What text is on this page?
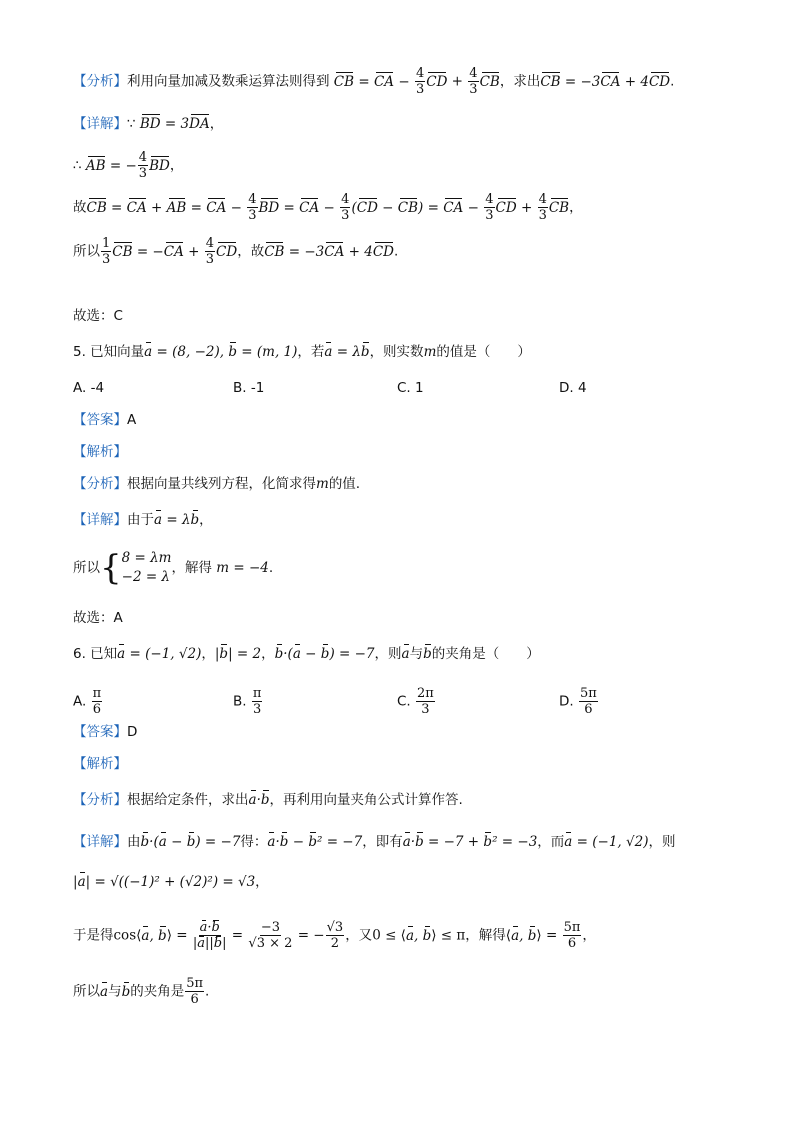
【分析】利用向量加减及数乘运算法则得到 CB = CA − $\frac{4}{3}$ CD + $\frac{4}{3}$ CB，求出CB = −3CA + 4CD.
【详解】∵ BD = 3DA，
∴ AB = − $\frac{4}{3}$ BD，
故CB = CA + AB = CA − $\frac{4}{3}$ BD = CA − $\frac{4}{3} (CD - CB)$ = CA − $\frac{4}{3}$ CD + $\frac{4}{3}$ CB，
所以 $\frac{1}{3}$ CB = $-CA + \frac{4}{3}$ CD，故CB = −3CA + 4CD.
故选：C
5. 已知向量a = (8, −2), b = (m, 1)，若a = λb，则实数m的值是（　　）
A. -4	B. -1	C. 1	D. 4
【答案】A
【解析】
【分析】根据向量共线列方程，化简求得m的值.
【详解】由于a = λb，
所以{ 8 = λm
−2 = λ
，解得 m = −4.
故选：A
6. 已知a = (−1, √2)，|b| = 2，b·(a − b) = −7，则a与b的夹角是（　　）
A. $\frac{\pi}{6}$	B. $\frac{\pi}{3}$	C. $\frac{2\pi}{3}$	D. $\frac{5\pi}{6}$
【答案】D
【解析】
【分析】根据给定条件，求出a·b，再利用向量夹角公式计算作答.
【详解】由b·(a − b) = −7得：a·b − b² = −7，即有a·b = −7 + b² = −3，而a = (−1, √2)，则
|a| = √((−1)² + (√2)²) = √3，
于是得cos⟨a, b⟩ = $\frac{a\cdot b}{|a||b|} = \frac{-3}{√3 \times 2}$ = − $\frac{√3}{2}$ ，又0 ≤ ⟨a, b⟩ ≤ π，解得⟨a, b⟩ = $\frac{5\pi}{6}$ ，
所以a与b的夹角是 $\frac{5\pi}{6}$ .
